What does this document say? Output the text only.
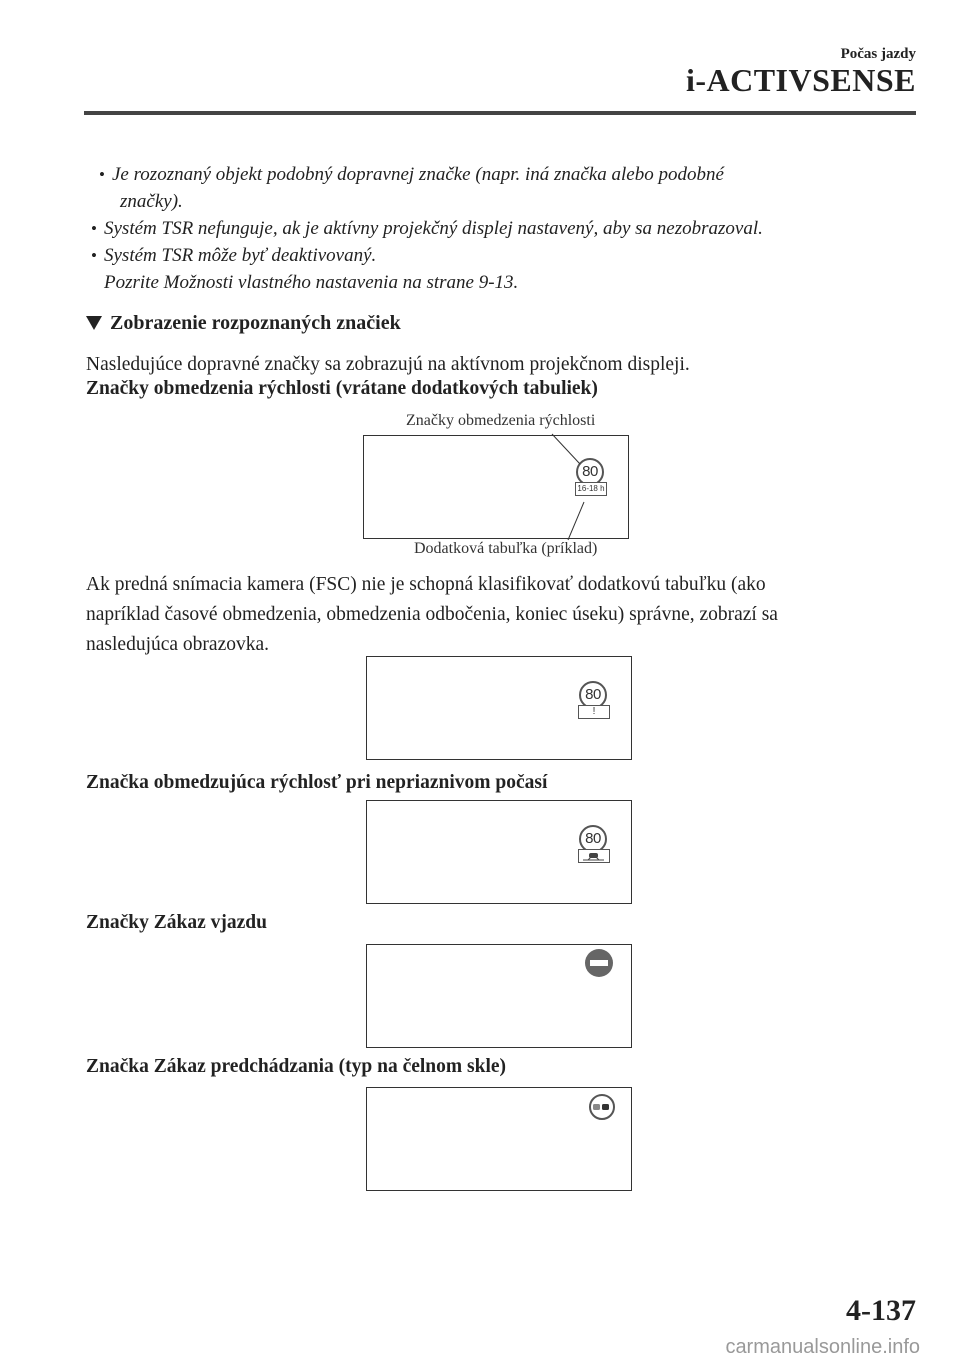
Počas jazdy
i-ACTIVSENSE
• Je rozoznaný objekt podobný dopravnej značke (napr. iná značka alebo podobné
značky).
• Systém TSR nefunguje, ak je aktívny projekčný displej nastavený, aby sa nezobrazoval.
• Systém TSR môže byť deaktivovaný.
Pozrite Možnosti vlastného nastavenia na strane 9-13.
Zobrazenie rozpoznaných značiek
Nasledujúce dopravné značky sa zobrazujú na aktívnom projekčnom displeji.
Značky obmedzenia rýchlosti (vrátane dodatkových tabuliek)
Značky obmedzenia rýchlosti
80
16-18 h
Dodatková tabuľka (príklad)
Ak predná snímacia kamera (FSC) nie je schopná klasifikovať dodatkovú tabuľku (ako
napríklad časové obmedzenia, obmedzenia odbočenia, koniec úseku) správne, zobrazí sa
nasledujúca obrazovka.
80
!
Značka obmedzujúca rýchlosť pri nepriaznivom počasí
80
Značky Zákaz vjazdu
Značka Zákaz predchádzania (typ na čelnom skle)
4-137
carmanualsonline.info
